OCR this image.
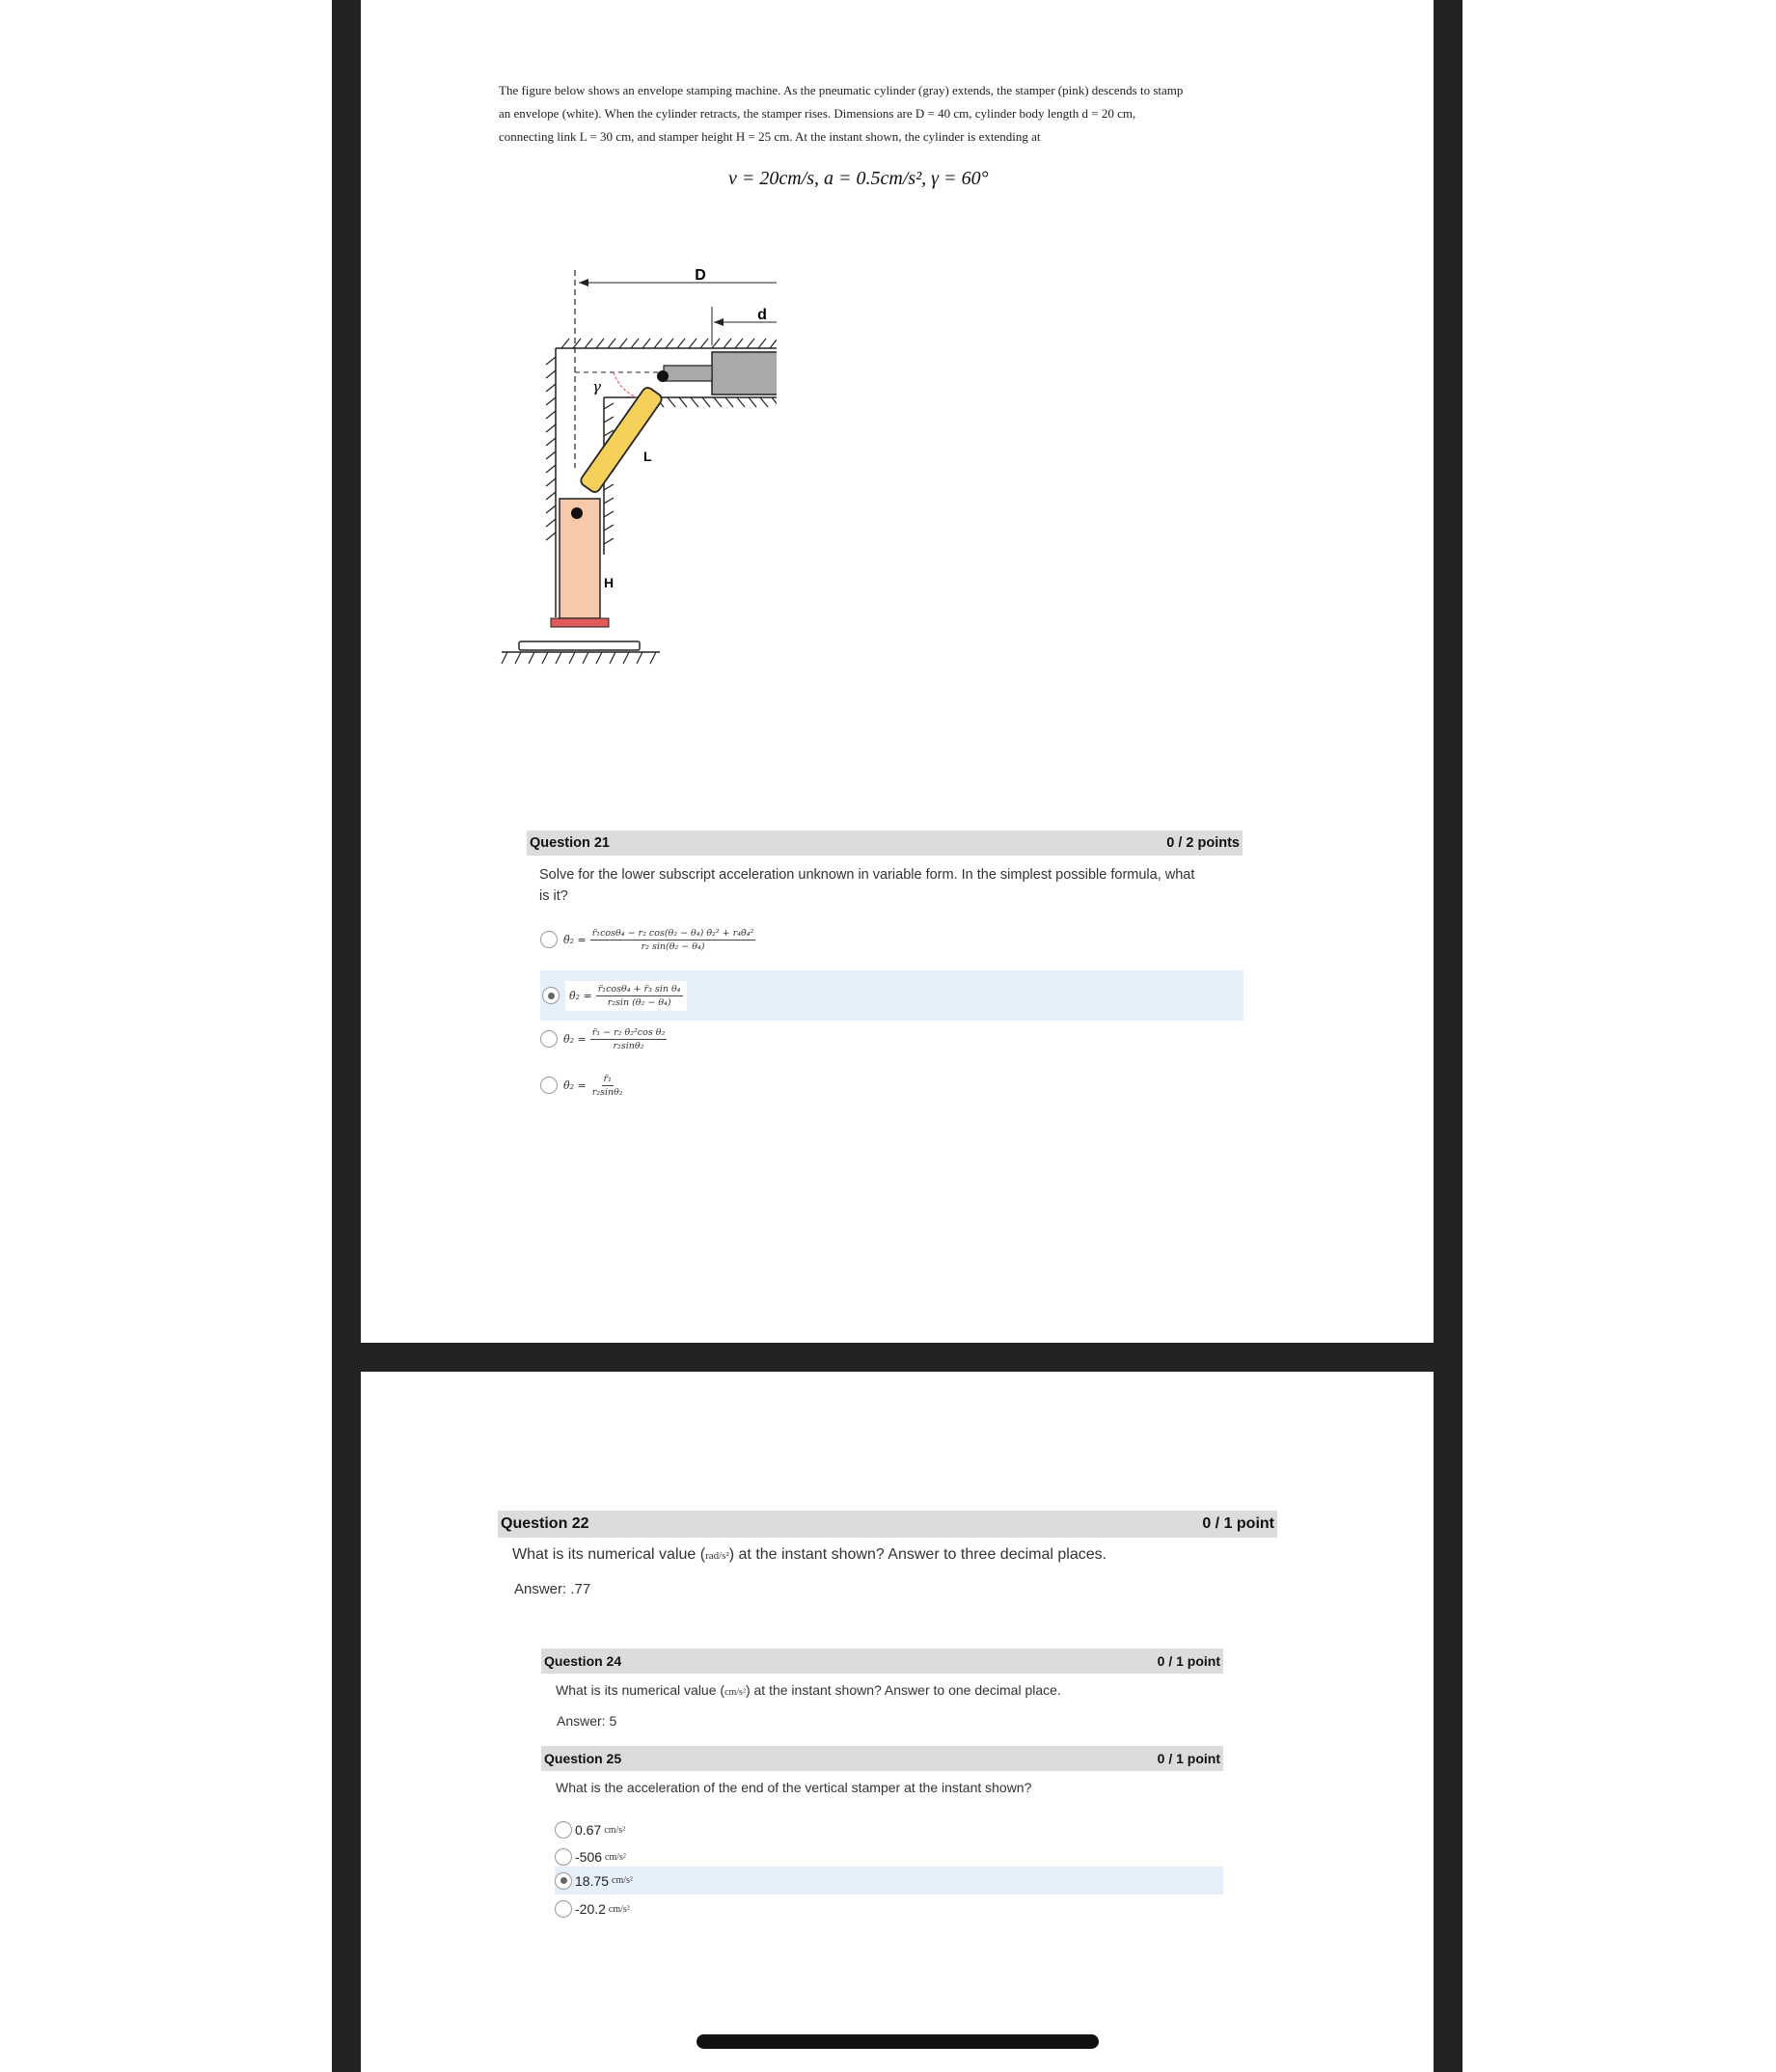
The figure below shows an envelope stamping machine. As the pneumatic cylinder (gray) extends, the stamper (pink) descends to stamp
an envelope (white). When the cylinder retracts, the stamper rises. Dimensions are D = 40 cm, cylinder body length d = 20 cm,
connecting link L = 30 cm, and stamper height H = 25 cm. At the instant shown, the cylinder is extending at
v = 20cm/s, a = 0.5cm/s², γ = 60°
D
d
γ
L
H
Question 21	0 / 2 points
Solve for the lower subscript acceleration unknown in variable form. In the simplest possible formula, what
is it?
θ̈₂ = $\frac{\text{r̈₁cosθ₄ − r₂ cos(θ₂ − θ₄) θ̇₂² + r₄θ̇₄²}}{\text{r₂ sin(θ₂ − θ₄)}}$
θ̈₂ = $\frac{\text{r̈₁cosθ₄ + r̈₃ sin θ₄}}{\text{r₂sin (θ₂ − θ₄)}}$
θ̈₂ = $\frac{\text{r̈₁ − r₂ θ̇₂²cos θ₂}}{\text{r₂sinθ₂}}$
θ̈₂ = $\frac{\text{r̈₁}}{\text{r₂sinθ₂}}$
Question 22	0 / 1 point
What is its numerical value (rad/s²) at the instant shown? Answer to three decimal places.
Answer: .77
Question 24	0 / 1 point
What is its numerical value (cm/s²) at the instant shown? Answer to one decimal place.
Answer: 5
Question 25	0 / 1 point
What is the acceleration of the end of the vertical stamper at the instant shown?
0.67 cm/s²
-506 cm/s²
18.75 cm/s²
-20.2 cm/s²
